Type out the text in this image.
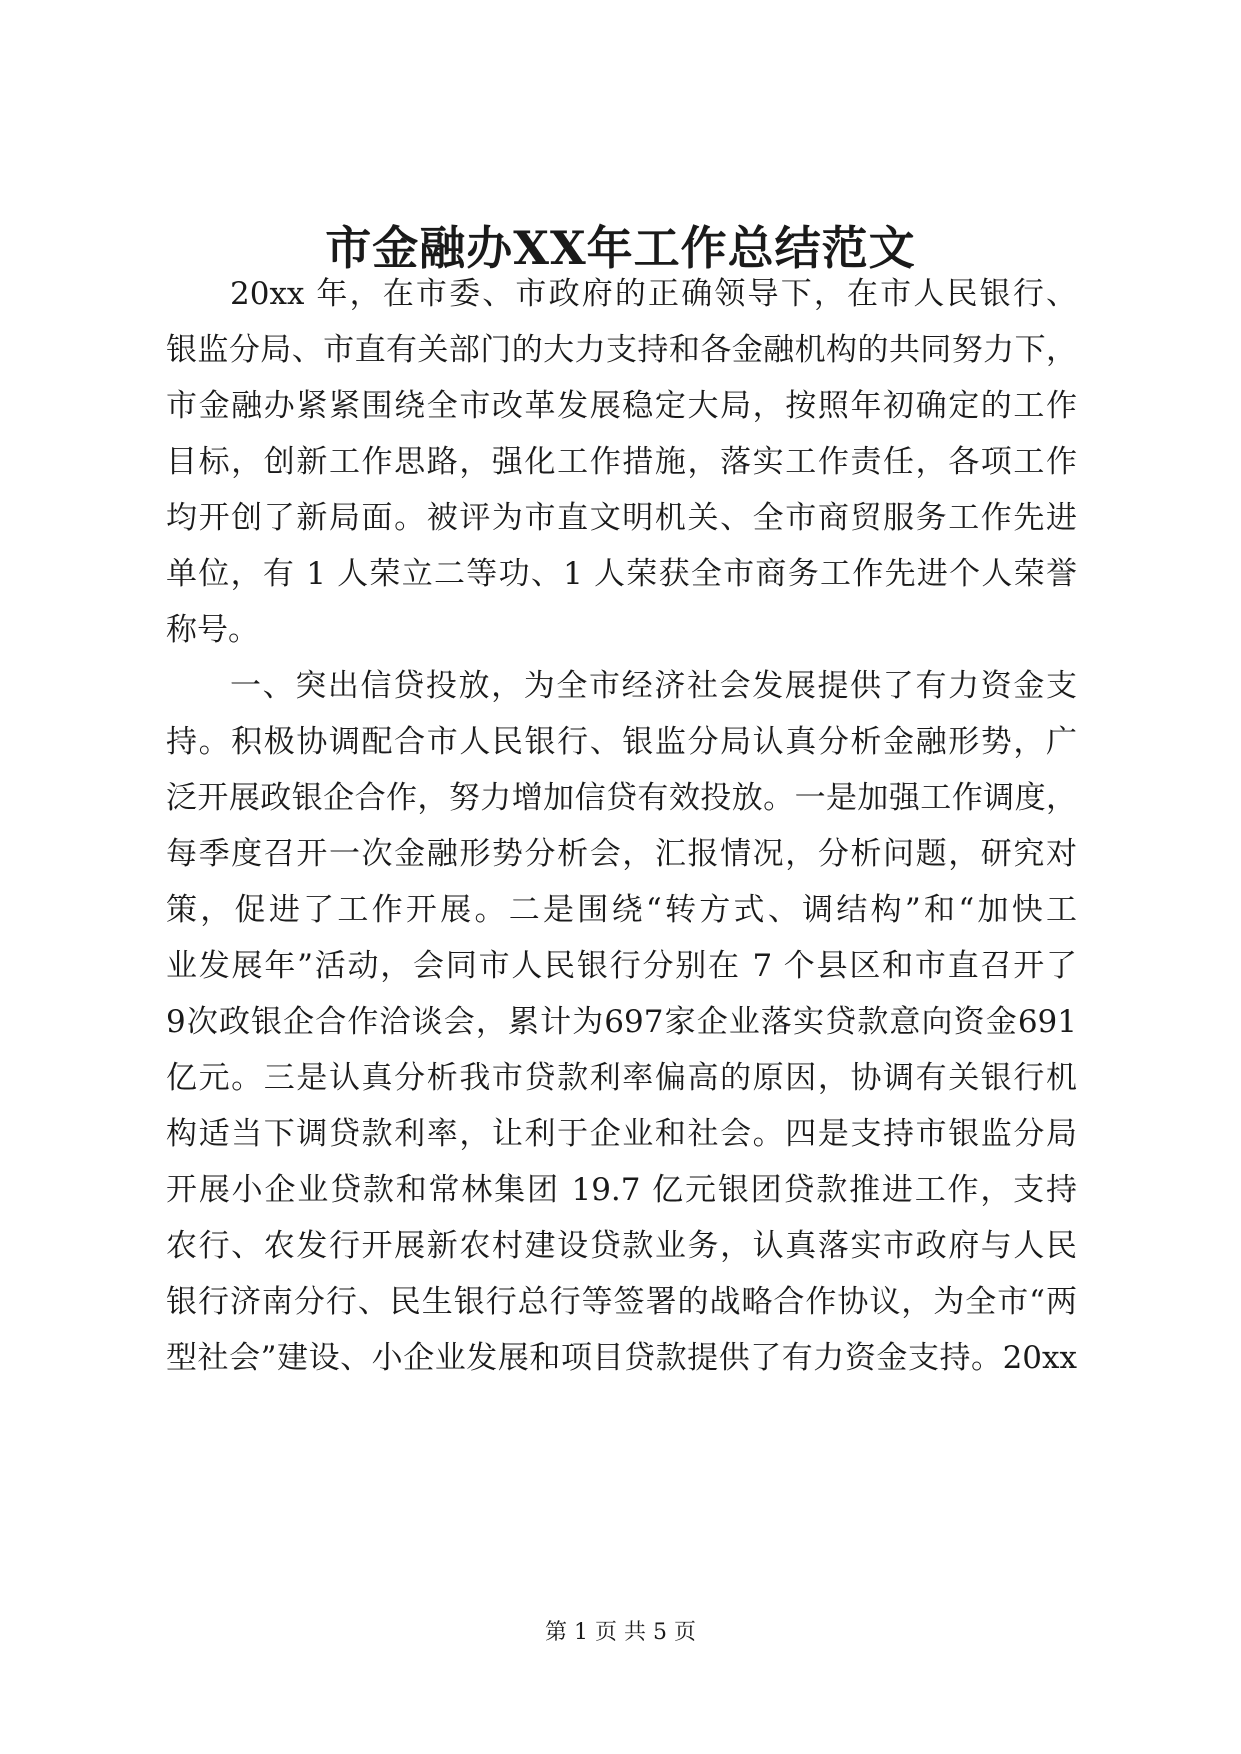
市金融办XX年工作总结范文
20xx 年，在市委、市政府的正确领导下，在市人民银行、
银监分局、市直有关部门的大力支持和各金融机构的共同努力下，
市金融办紧紧围绕全市改革发展稳定大局，按照年初确定的工作
目标，创新工作思路，强化工作措施，落实工作责任，各项工作
均开创了新局面。被评为市直文明机关、全市商贸服务工作先进
单位，有 1 人荣立二等功、1 人荣获全市商务工作先进个人荣誉
称号。
一、突出信贷投放，为全市经济社会发展提供了有力资金支
持。积极协调配合市人民银行、银监分局认真分析金融形势，广
泛开展政银企合作，努力增加信贷有效投放。一是加强工作调度，
每季度召开一次金融形势分析会，汇报情况，分析问题，研究对
策，促进了工作开展。二是围绕“转方式、调结构”和“加快工
业发展年”活动，会同市人民银行分别在 7 个县区和市直召开了
9次政银企合作洽谈会，累计为697家企业落实贷款意向资金691
亿元。三是认真分析我市贷款利率偏高的原因，协调有关银行机
构适当下调贷款利率，让利于企业和社会。四是支持市银监分局
开展小企业贷款和常林集团 19.7 亿元银团贷款推进工作，支持
农行、农发行开展新农村建设贷款业务，认真落实市政府与人民
银行济南分行、民生银行总行等签署的战略合作协议，为全市“两
型社会”建设、小企业发展和项目贷款提供了有力资金支持。20xx
第 1 页 共 5 页
